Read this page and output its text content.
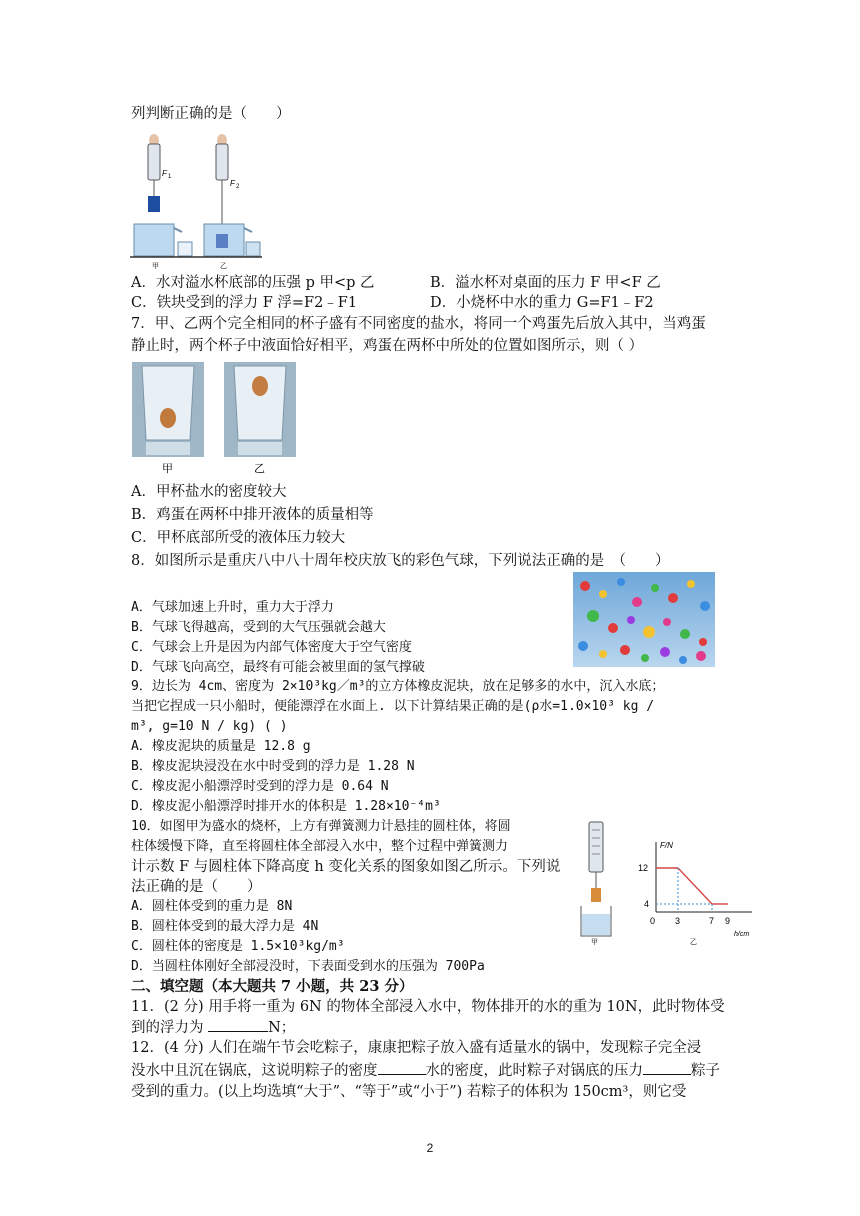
列判断正确的是（　　）
F 1
F 2
甲	乙
A．水对溢水杯底部的压强 p 甲<p 乙	B．溢水杯对桌面的压力 F 甲<F 乙
C．铁块受到的浮力 F 浮=F2﹣F1	D．小烧杯中水的重力 G=F1﹣F2
7．甲、乙两个完全相同的杯子盛有不同密度的盐水，将同一个鸡蛋先后放入其中，当鸡蛋
静止时，两个杯子中液面恰好相平，鸡蛋在两杯中所处的位置如图所示，则（ ）
甲	乙
A．甲杯盐水的密度较大
B．鸡蛋在两杯中排开液体的质量相等
C．甲杯底部所受的液体压力较大
8．如图所示是重庆八中八十周年校庆放飞的彩色气球，下列说法正确的是　（　　）
A．气球加速上升时，重力大于浮力
B．气球飞得越高，受到的大气压强就会越大
C．气球会上升是因为内部气体密度大于空气密度
D．气球飞向高空，最终有可能会被里面的氢气撑破
9．边长为 4cm、密度为 2×10³kg／m³的立方体橡皮泥块，放在足够多的水中，沉入水底；
当把它捏成一只小船时，便能漂浮在水面上. 以下计算结果正确的是(ρ水=1.0×10³ kg /
m³, g=10 N / kg) ( )
A．橡皮泥块的质量是 12.8 g
B．橡皮泥块浸没在水中时受到的浮力是 1.28 N
C．橡皮泥小船漂浮时受到的浮力是 0.64 N
D．橡皮泥小船漂浮时排开水的体积是 1.28×10⁻⁴m³
10．如图甲为盛水的烧杯，上方有弹簧测力计悬挂的圆柱体，将圆
柱体缓慢下降，直至将圆柱体全部浸入水中，整个过程中弹簧测力
计示数 F 与圆柱体下降高度 h 变化关系的图象如图乙所示。下列说
法正确的是（　　）
A．圆柱体受到的重力是 8N
B．圆柱体受到的最大浮力是 4N
C．圆柱体的密度是 1.5×10³kg/m³
D．当圆柱体刚好全部浸没时，下表面受到水的压强为 700Pa
甲
F/N
h/cm
12
4
0 3	7 9
乙
二、填空题（本大题共 7 小题，共 23 分）
11．(2 分) 用手将一重为 6N 的物体全部浸入水中，物体排开的水的重为 10N，此时物体受
到的浮力为	N；
12．(4 分) 人们在端午节会吃粽子，康康把粽子放入盛有适量水的锅中，发现粽子完全浸
没水中且沉在锅底，这说明粽子的密度	水的密度，此时粽子对锅底的压力	粽子
受到的重力。(以上均选填“大于”、“等于”或“小于”) 若粽子的体积为 150cm³，则它受
2
